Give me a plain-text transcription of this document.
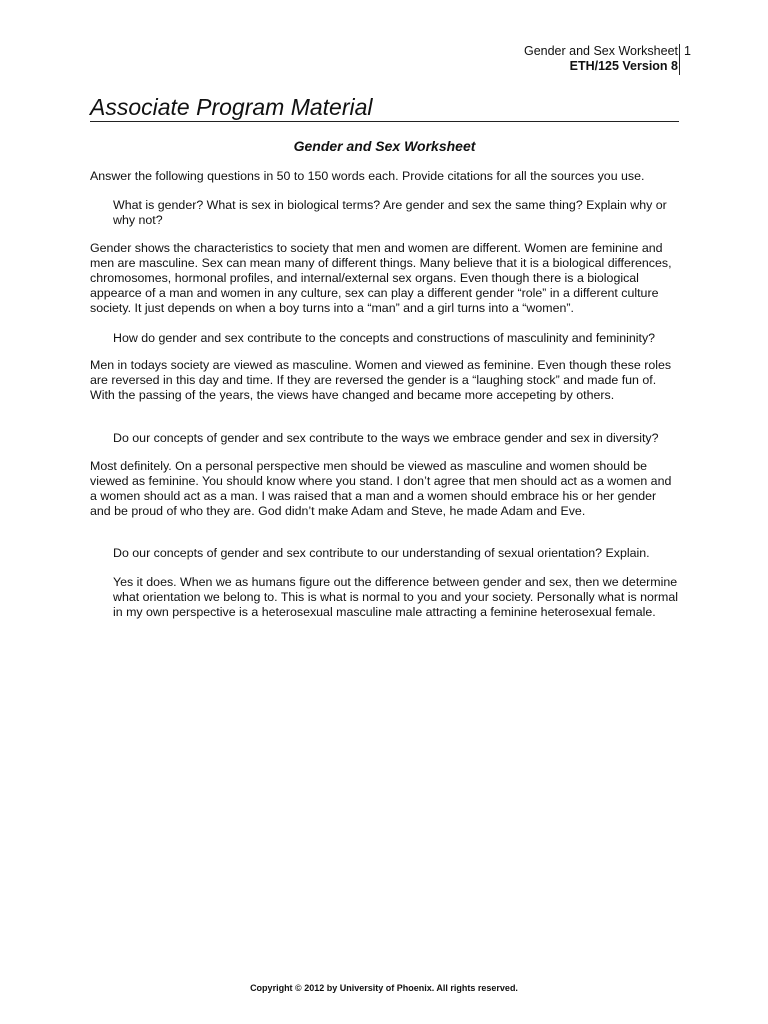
Gender and Sex Worksheet
ETH/125 Version 8
1
Associate Program Material
Gender and Sex Worksheet

Answer the following questions in 50 to 150 words each. Provide citations for all the sources you use.

What is gender? What is sex in biological terms? Are gender and sex the same thing? Explain why or why not?

Gender shows the characteristics to society that men and women are different. Women are feminine and men are masculine. Sex can mean many of different things. Many believe that it is a biological differences, chromosomes, hormonal profiles, and internal/external sex organs. Even though there is a biological appearce of a man and women in any culture, sex can play a different gender “role” in a different culture society. It just depends on when a boy turns into a “man” and a girl turns into a “women”.

How do gender and sex contribute to the concepts and constructions of masculinity and femininity?

Men in todays society are viewed as masculine. Women and viewed as feminine. Even though these roles are reversed in this day and time. If they are reversed the gender is a “laughing stock” and made fun of. With the passing of the years, the views have changed and became more accepeting by others.

Do our concepts of gender and sex contribute to the ways we embrace gender and sex in diversity?

Most definitely. On a personal perspective men should be viewed as masculine and women should be viewed as feminine. You should know where you stand. I don’t agree that men should act as a women and a women should act as a man. I was raised that a man and a women should embrace his or her gender and be proud of who they are. God didn’t make Adam and Steve, he made Adam and Eve.

Do our concepts of gender and sex contribute to our understanding of sexual orientation? Explain.

Yes it does. When we as humans figure out the difference between gender and sex, then we determine what orientation we belong to. This is what is normal to you and your society. Personally what is normal in my own perspective is a heterosexual masculine male attracting a feminine heterosexual female.

Copyright © 2012 by University of Phoenix. All rights reserved.
